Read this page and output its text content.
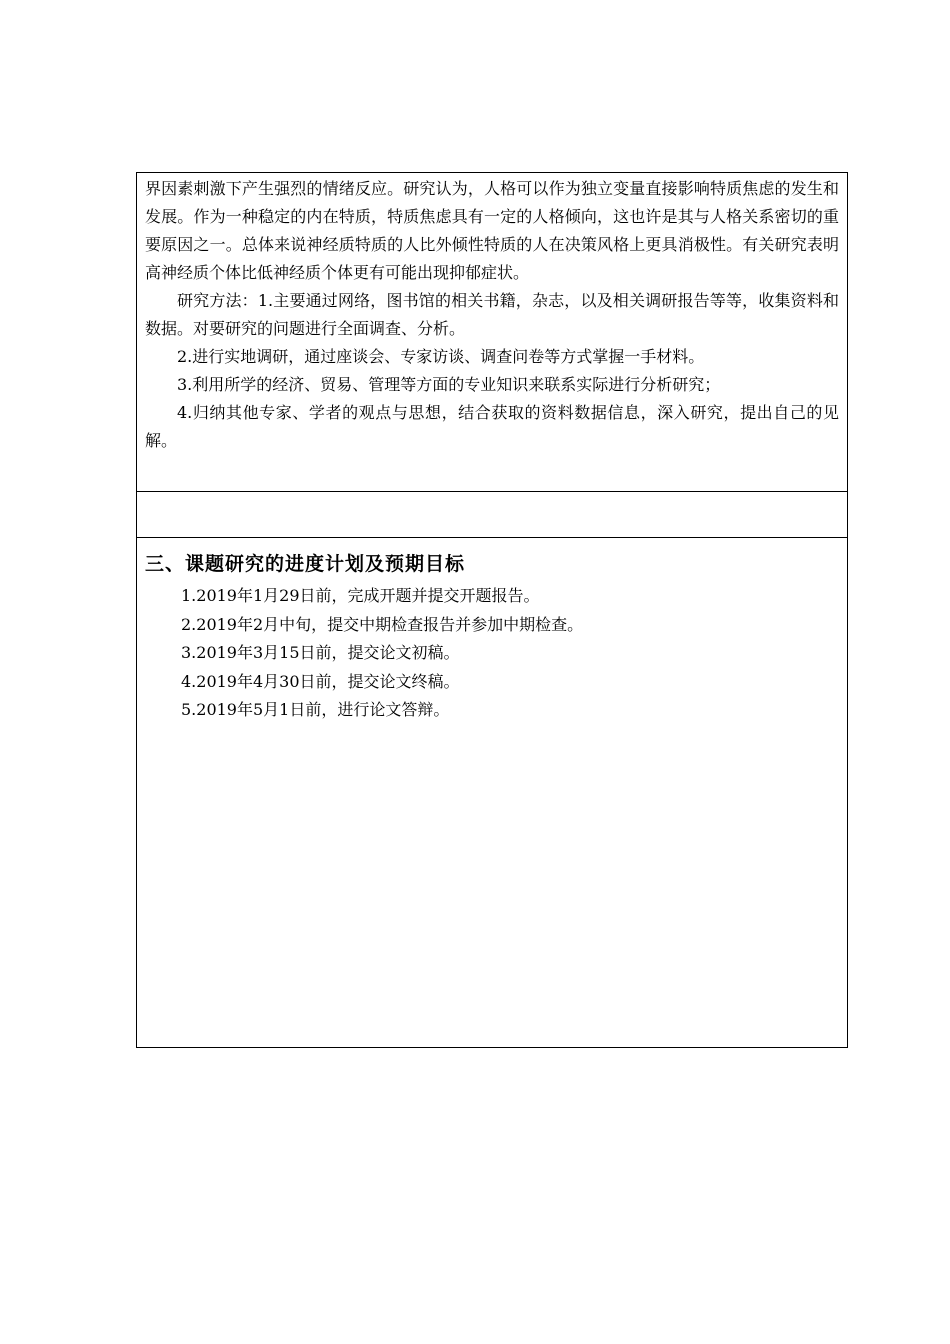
界因素刺激下产生强烈的情绪反应。研究认为，人格可以作为独立变量直接影响特质焦虑的发生和发展。作为一种稳定的内在特质，特质焦虑具有一定的人格倾向，这也许是其与人格关系密切的重要原因之一。总体来说神经质特质的人比外倾性特质的人在决策风格上更具消极性。有关研究表明高神经质个体比低神经质个体更有可能出现抑郁症状。

研究方法：1.主要通过网络，图书馆的相关书籍，杂志，以及相关调研报告等等，收集资料和数据。对要研究的问题进行全面调查、分析。

2.进行实地调研，通过座谈会、专家访谈、调查问卷等方式掌握一手材料。

3.利用所学的经济、贸易、管理等方面的专业知识来联系实际进行分析研究；

4.归纳其他专家、学者的观点与思想，结合获取的资料数据信息，深入研究，提出自己的见解。

三、课题研究的进度计划及预期目标
1.2019年1月29日前，完成开题并提交开题报告。
2.2019年2月中旬，提交中期检查报告并参加中期检查。
3.2019年3月15日前，提交论文初稿。
4.2019年4月30日前，提交论文终稿。
5.2019年5月1日前，进行论文答辩。
